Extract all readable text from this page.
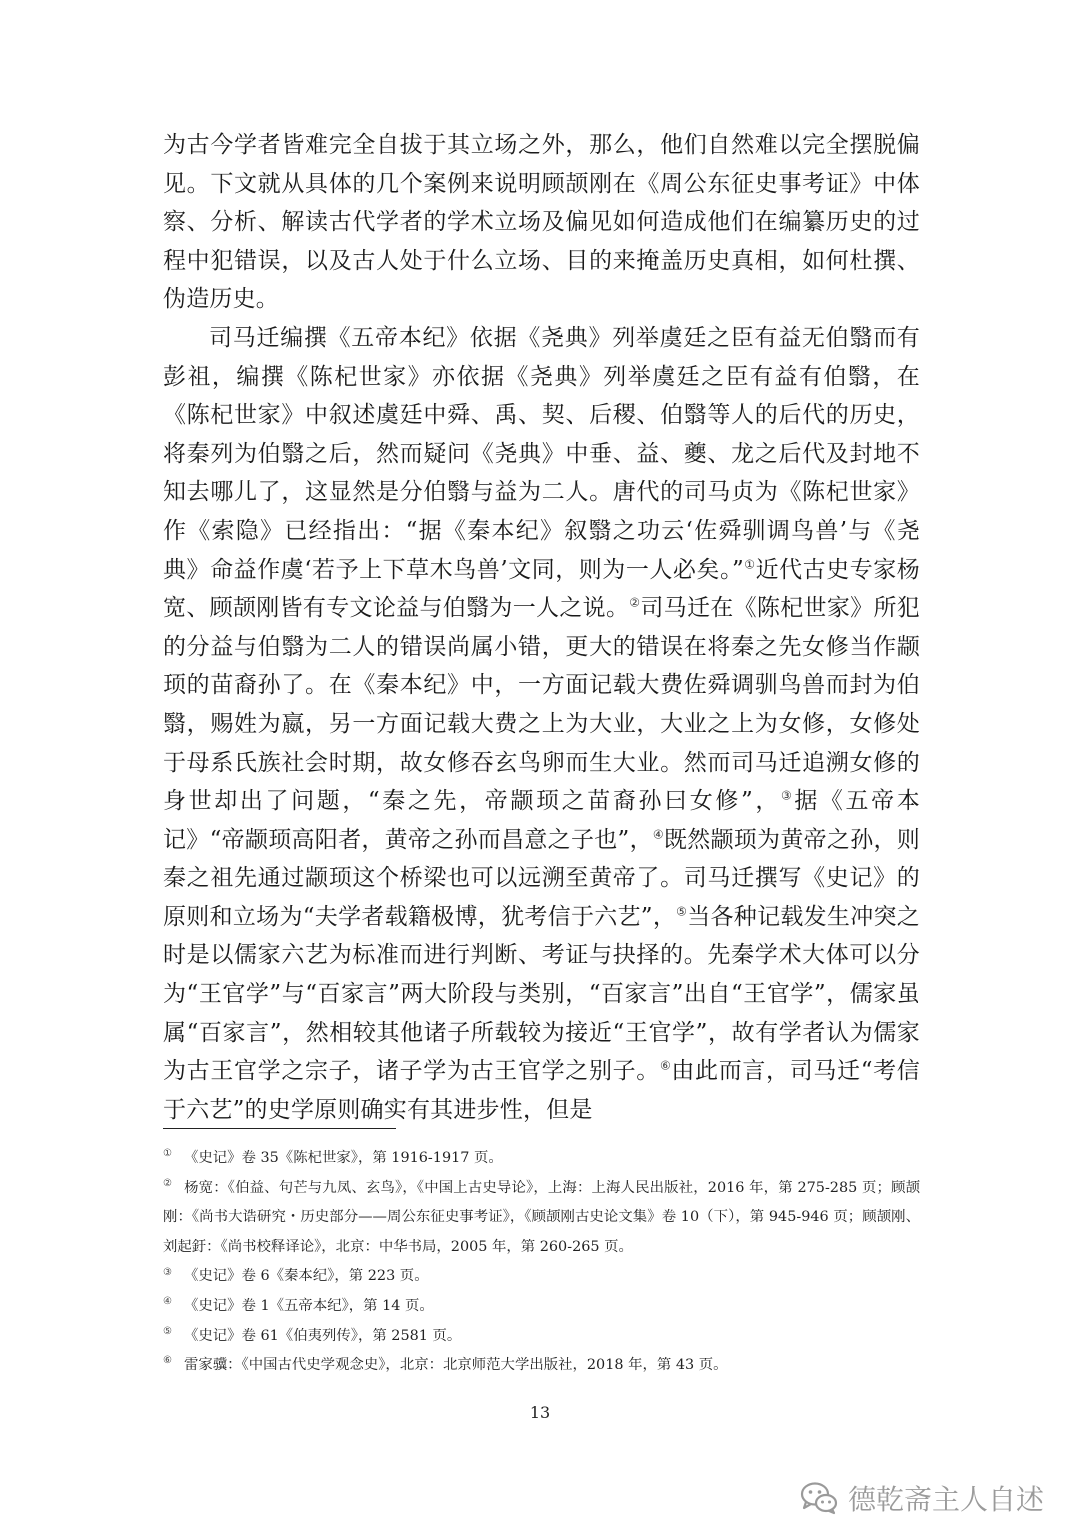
为古今学者皆难完全自拔于其立场之外，那么，他们自然难以完全摆脱偏见。下文就从具体的几个案例来说明顾颉刚在《周公东征史事考证》中体察、分析、解读古代学者的学术立场及偏见如何造成他们在编纂历史的过程中犯错误，以及古人处于什么立场、目的来掩盖历史真相，如何杜撰、伪造历史。

司马迁编撰《五帝本纪》依据《尧典》列举虞廷之臣有益无伯翳而有彭祖，编撰《陈杞世家》亦依据《尧典》列举虞廷之臣有益有伯翳，在《陈杞世家》中叙述虞廷中舜、禹、契、后稷、伯翳等人的后代的历史，将秦列为伯翳之后，然而疑问《尧典》中垂、益、夔、龙之后代及封地不知去哪儿了，这显然是分伯翳与益为二人。唐代的司马贞为《陈杞世家》作《索隐》已经指出：“据《秦本纪》叙翳之功云‘佐舜驯调鸟兽’与《尧典》命益作虞‘若予上下草木鸟兽’文同，则为一人必矣。”①近代古史专家杨宽、顾颉刚皆有专文论益与伯翳为一人之说。②司马迁在《陈杞世家》所犯的分益与伯翳为二人的错误尚属小错，更大的错误在将秦之先女修当作颛顼的苗裔孙了。在《秦本纪》中，一方面记载大费佐舜调驯鸟兽而封为伯翳，赐姓为嬴，另一方面记载大费之上为大业，大业之上为女修，女修处于母系氏族社会时期，故女修吞玄鸟卵而生大业。然而司马迁追溯女修的身世却出了问题，“秦之先，帝颛顼之苗裔孙曰女修”，③据《五帝本记》“帝颛顼高阳者，黄帝之孙而昌意之子也”，④既然颛顼为黄帝之孙，则秦之祖先通过颛顼这个桥梁也可以远溯至黄帝了。司马迁撰写《史记》的原则和立场为“夫学者载籍极博，犹考信于六艺”，⑤当各种记载发生冲突之时是以儒家六艺为标准而进行判断、考证与抉择的。先秦学术大体可以分为“王官学”与“百家言”两大阶段与类别，“百家言”出自“王官学”，儒家虽属“百家言”，然相较其他诸子所载较为接近“王官学”，故有学者认为儒家为古王官学之宗子，诸子学为古王官学之别子。⑥由此而言，司马迁“考信于六艺”的史学原则确实有其进步性，但是

① 《史记》卷 35《陈杞世家》，第 1916-1917 页。

② 杨宽：《伯益、句芒与九凤、玄鸟》，《中国上古史导论》，上海：上海人民出版社，2016 年，第 275-285 页；顾颉刚：《尚书大诰研究・历史部分——周公东征史事考证》，《顾颉刚古史论文集》卷 10（下），第 945-946 页；顾颉刚、刘起釪：《尚书校释译论》，北京：中华书局，2005 年，第 260-265 页。

③ 《史记》卷 6《秦本纪》，第 223 页。

④ 《史记》卷 1《五帝本纪》，第 14 页。

⑤ 《史记》卷 61《伯夷列传》，第 2581 页。

⑥ 雷家骥：《中国古代史学观念史》，北京：北京师范大学出版社，2018 年，第 43 页。

13
德乾斋主人自述
